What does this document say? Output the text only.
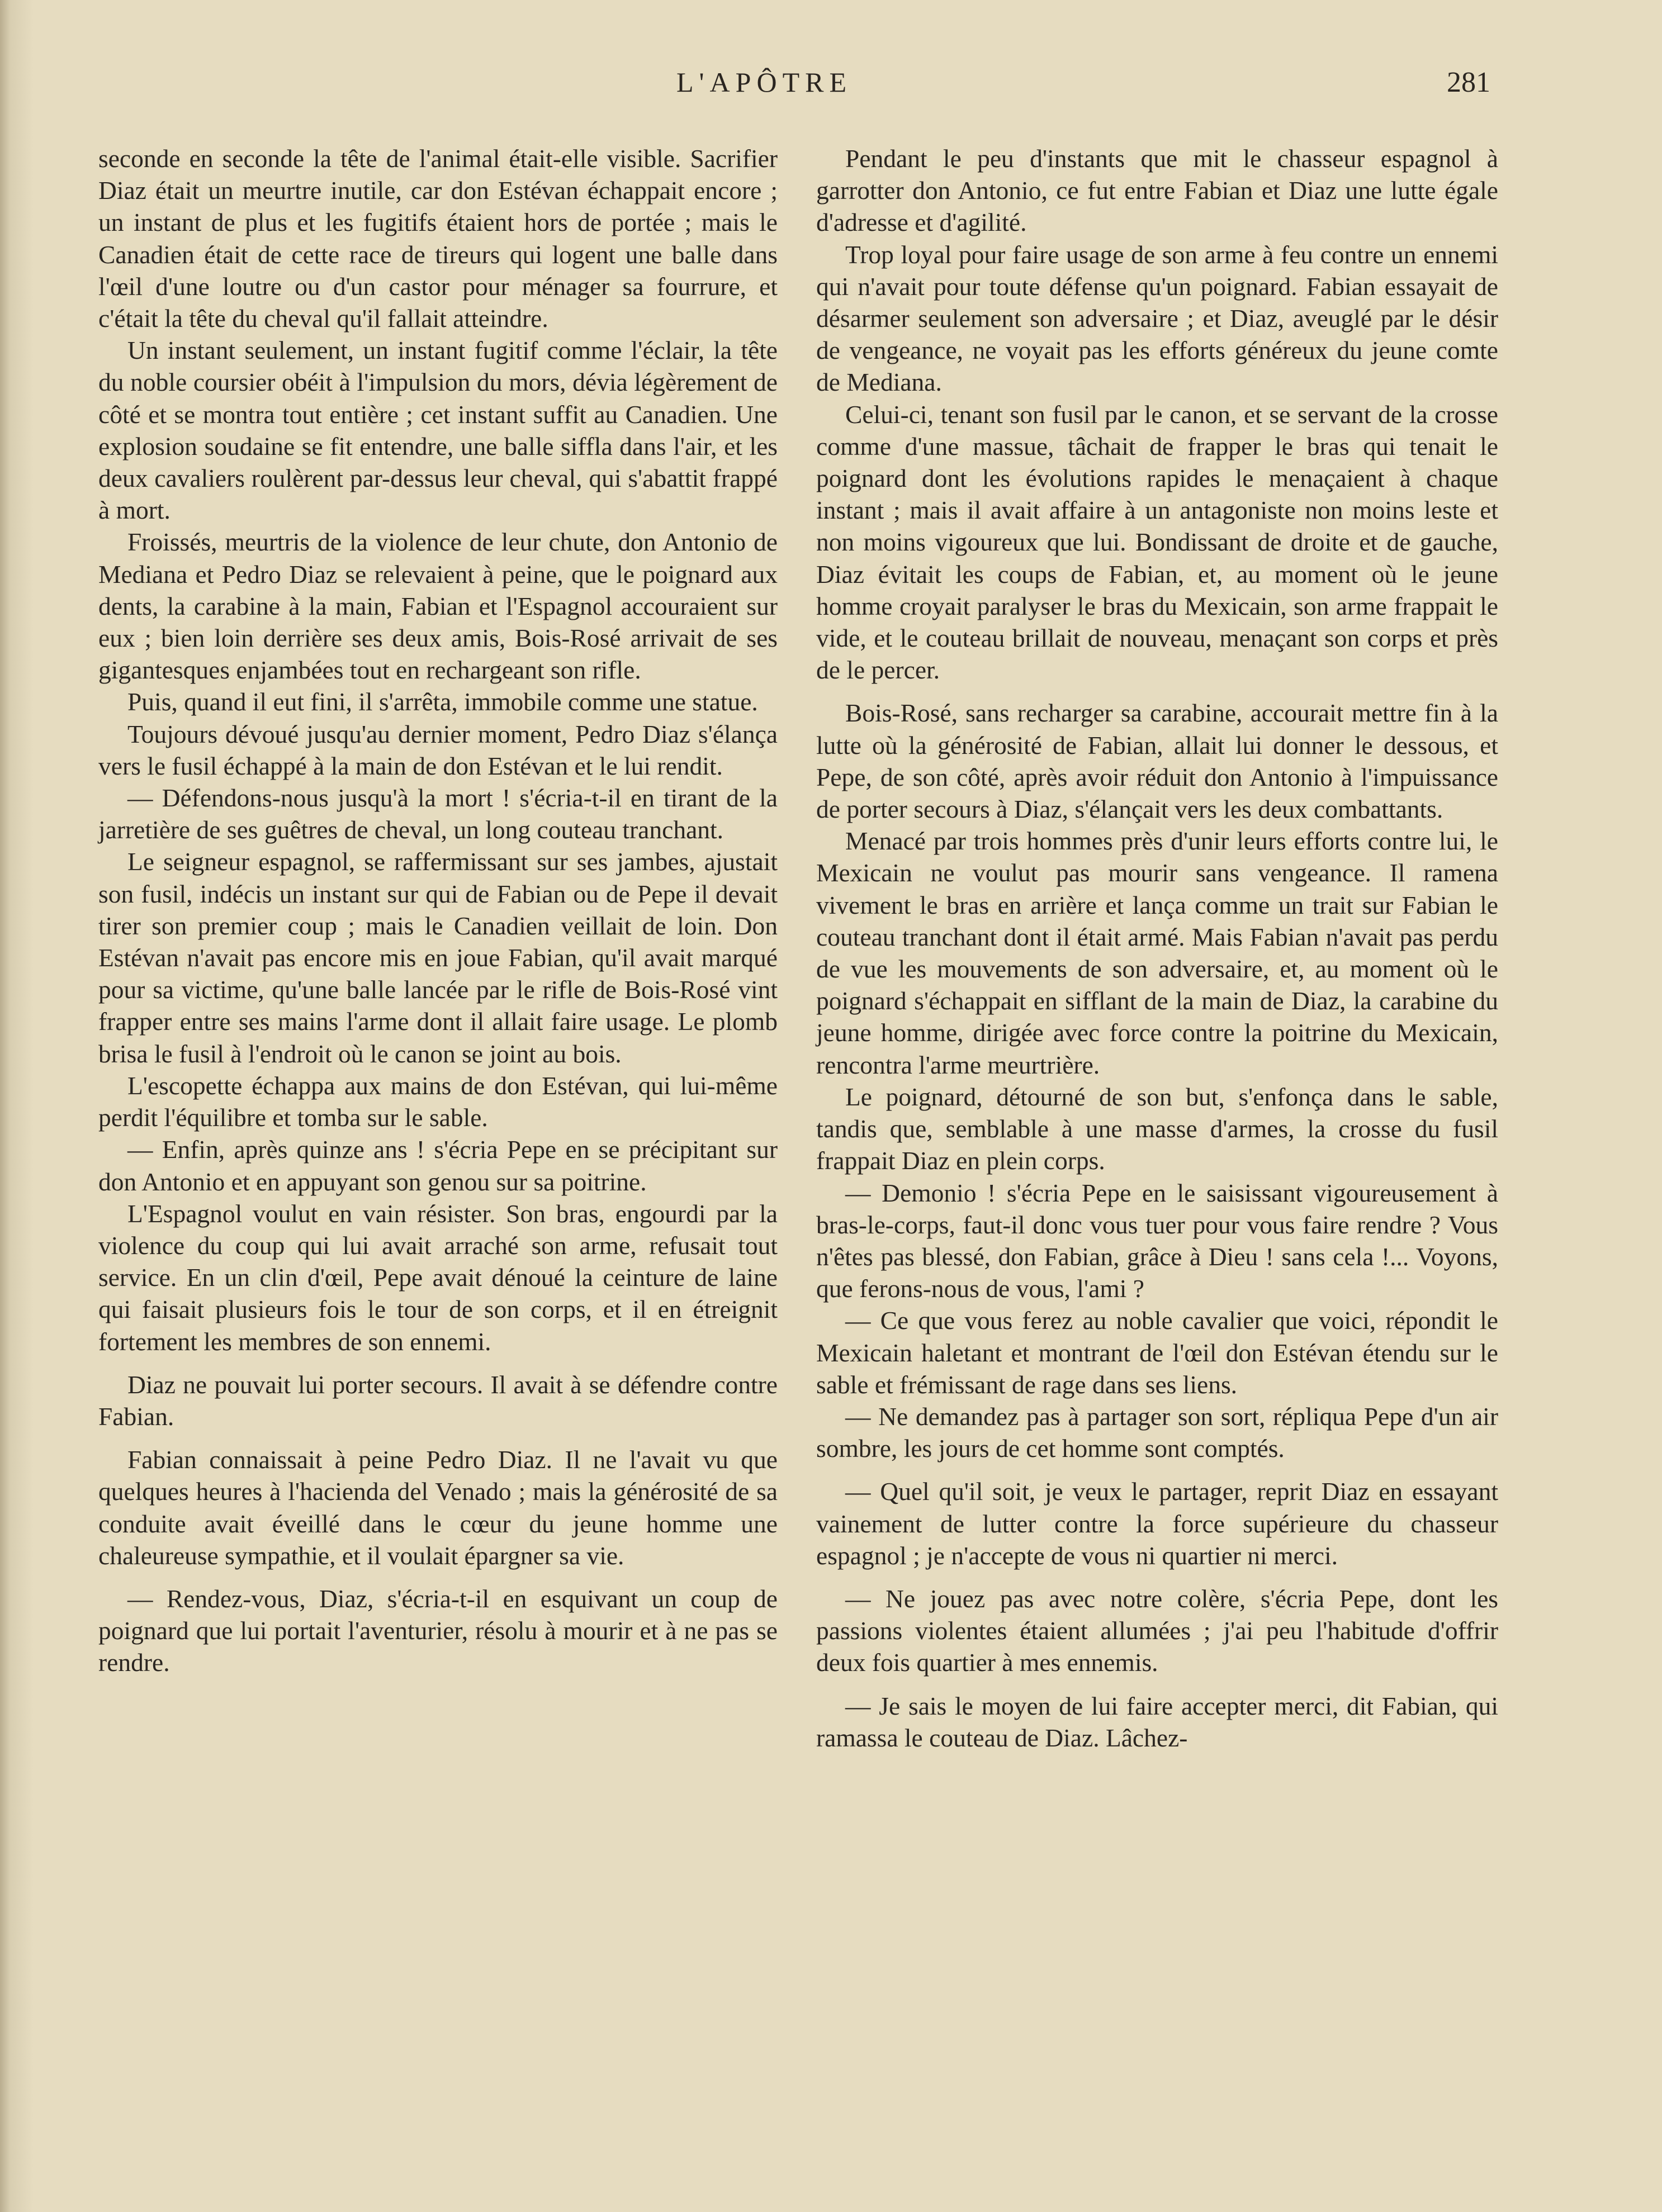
L'APÔTRE	281

seconde en seconde la tête de l'animal était-elle visible. Sacrifier Diaz était un meurtre inutile, car don Estévan échappait encore ; un instant de plus et les fugitifs étaient hors de portée ; mais le Canadien était de cette race de tireurs qui logent une balle dans l'œil d'une loutre ou d'un castor pour ménager sa fourrure, et c'était la tête du cheval qu'il fallait atteindre.

Un instant seulement, un instant fugitif comme l'éclair, la tête du noble coursier obéit à l'impulsion du mors, dévia légèrement de côté et se montra tout entière ; cet instant suffit au Canadien. Une explosion soudaine se fit entendre, une balle siffla dans l'air, et les deux cavaliers roulèrent par-dessus leur cheval, qui s'abattit frappé à mort.

Froissés, meurtris de la violence de leur chute, don Antonio de Mediana et Pedro Diaz se relevaient à peine, que le poignard aux dents, la carabine à la main, Fabian et l'Espagnol accouraient sur eux ; bien loin derrière ses deux amis, Bois-Rosé arrivait de ses gigantesques enjambées tout en rechargeant son rifle.

Puis, quand il eut fini, il s'arrêta, immobile comme une statue.

Toujours dévoué jusqu'au dernier moment, Pedro Diaz s'élança vers le fusil échappé à la main de don Estévan et le lui rendit.

— Défendons-nous jusqu'à la mort ! s'écria-t-il en tirant de la jarretière de ses guêtres de cheval, un long couteau tranchant.

Le seigneur espagnol, se raffermissant sur ses jambes, ajustait son fusil, indécis un instant sur qui de Fabian ou de Pepe il devait tirer son premier coup ; mais le Canadien veillait de loin. Don Estévan n'avait pas encore mis en joue Fabian, qu'il avait marqué pour sa victime, qu'une balle lancée par le rifle de Bois-Rosé vint frapper entre ses mains l'arme dont il allait faire usage. Le plomb brisa le fusil à l'endroit où le canon se joint au bois.

L'escopette échappa aux mains de don Estévan, qui lui-même perdit l'équilibre et tomba sur le sable.

— Enfin, après quinze ans ! s'écria Pepe en se précipitant sur don Antonio et en appuyant son genou sur sa poitrine.

L'Espagnol voulut en vain résister. Son bras, engourdi par la violence du coup qui lui avait arraché son arme, refusait tout service. En un clin d'œil, Pepe avait dénoué la ceinture de laine qui faisait plusieurs fois le tour de son corps, et il en étreignit fortement les membres de son ennemi.

Diaz ne pouvait lui porter secours. Il avait à se défendre contre Fabian.

Fabian connaissait à peine Pedro Diaz. Il ne l'avait vu que quelques heures à l'hacienda del Venado ; mais la générosité de sa conduite avait éveillé dans le cœur du jeune homme une chaleureuse sympathie, et il voulait épargner sa vie.

— Rendez-vous, Diaz, s'écria-t-il en esquivant un coup de poignard que lui portait l'aventurier, résolu à mourir et à ne pas se rendre.

Pendant le peu d'instants que mit le chasseur espagnol à garrotter don Antonio, ce fut entre Fabian et Diaz une lutte égale d'adresse et d'agilité.

Trop loyal pour faire usage de son arme à feu contre un ennemi qui n'avait pour toute défense qu'un poignard. Fabian essayait de désarmer seulement son adversaire ; et Diaz, aveuglé par le désir de vengeance, ne voyait pas les efforts généreux du jeune comte de Mediana.

Celui-ci, tenant son fusil par le canon, et se servant de la crosse comme d'une massue, tâchait de frapper le bras qui tenait le poignard dont les évolutions rapides le menaçaient à chaque instant ; mais il avait affaire à un antagoniste non moins leste et non moins vigoureux que lui. Bondissant de droite et de gauche, Diaz évitait les coups de Fabian, et, au moment où le jeune homme croyait paralyser le bras du Mexicain, son arme frappait le vide, et le couteau brillait de nouveau, menaçant son corps et près de le percer.

Bois-Rosé, sans recharger sa carabine, accourait mettre fin à la lutte où la générosité de Fabian, allait lui donner le dessous, et Pepe, de son côté, après avoir réduit don Antonio à l'impuissance de porter secours à Diaz, s'élançait vers les deux combattants.

Menacé par trois hommes près d'unir leurs efforts contre lui, le Mexicain ne voulut pas mourir sans vengeance. Il ramena vivement le bras en arrière et lança comme un trait sur Fabian le couteau tranchant dont il était armé. Mais Fabian n'avait pas perdu de vue les mouvements de son adversaire, et, au moment où le poignard s'échappait en sifflant de la main de Diaz, la carabine du jeune homme, dirigée avec force contre la poitrine du Mexicain, rencontra l'arme meurtrière.

Le poignard, détourné de son but, s'enfonça dans le sable, tandis que, semblable à une masse d'armes, la crosse du fusil frappait Diaz en plein corps.

— Demonio ! s'écria Pepe en le saisissant vigoureusement à bras-le-corps, faut-il donc vous tuer pour vous faire rendre ? Vous n'êtes pas blessé, don Fabian, grâce à Dieu ! sans cela !... Voyons, que ferons-nous de vous, l'ami ?

— Ce que vous ferez au noble cavalier que voici, répondit le Mexicain haletant et montrant de l'œil don Estévan étendu sur le sable et frémissant de rage dans ses liens.

— Ne demandez pas à partager son sort, répliqua Pepe d'un air sombre, les jours de cet homme sont comptés.

— Quel qu'il soit, je veux le partager, reprit Diaz en essayant vainement de lutter contre la force supérieure du chasseur espagnol ; je n'accepte de vous ni quartier ni merci.

— Ne jouez pas avec notre colère, s'écria Pepe, dont les passions violentes étaient allumées ; j'ai peu l'habitude d'offrir deux fois quartier à mes ennemis.

— Je sais le moyen de lui faire accepter merci, dit Fabian, qui ramassa le couteau de Diaz. Lâchez-
